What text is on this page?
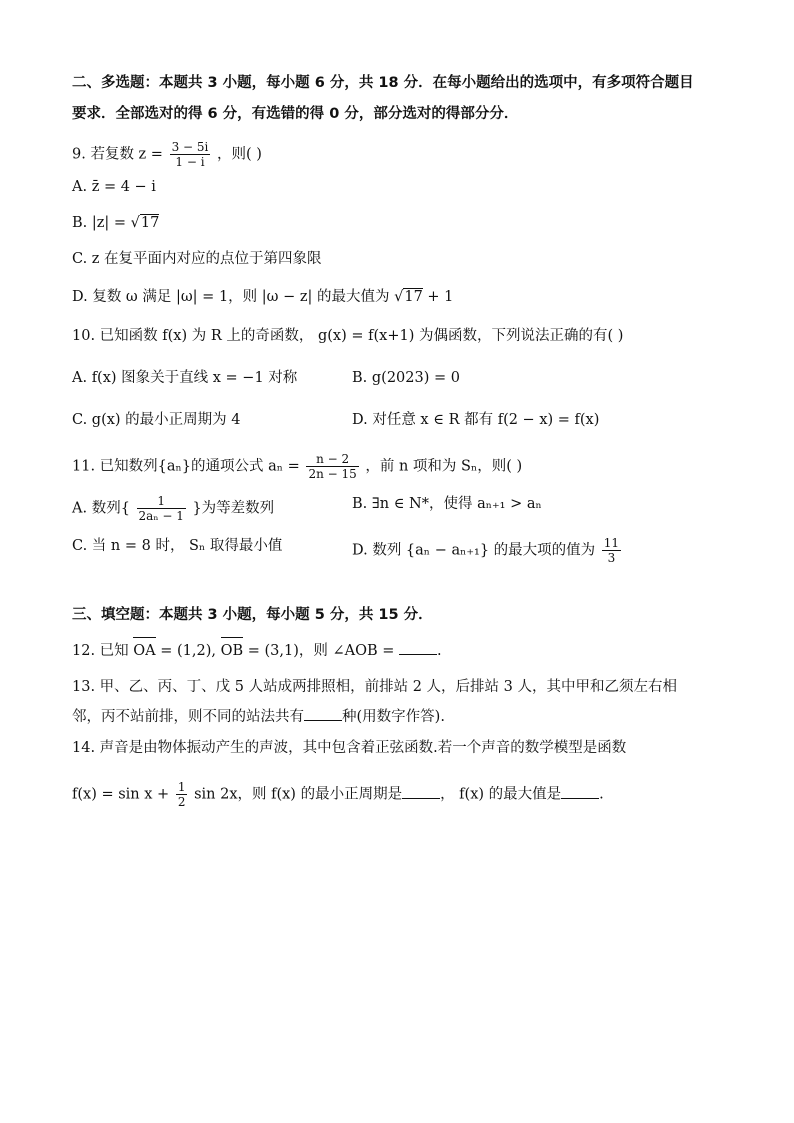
二、多选题：本题共 3 小题，每小题 6 分，共 18 分．在每小题给出的选项中，有多项符合题目
要求．全部选对的得 6 分，有选错的得 0 分，部分选对的得部分分．
9. 若复数 $z = \frac{3 - 5i}{1 - i}$ ，则( )
A. z̄ = 4 − i
B. |z| = √17
C. z 在复平面内对应的点位于第四象限
D. 复数 ω 满足 |ω| = 1，则 |ω − z| 的最大值为 √17 + 1
10. 已知函数 f(x) 为 R 上的奇函数， g(x) = f(x+1) 为偶函数，下列说法正确的有( )
A. f(x) 图象关于直线 x = −1 对称	B. g(2023) = 0
C. g(x) 的最小正周期为 4	D. 对任意 x ∈ R 都有 f(2 − x) = f(x)
11. 已知数列{aₙ}的通项公式 $a_n = \frac{n - 2}{2n - 15}$ ，前 n 项和为 Sₙ，则( )
A. 数列{ $\frac{1}{\text{2aₙ − 1}}$ }为等差数列	B. ∃n ∈ N*，使得 aₙ₊₁ > aₙ
C. 当 n = 8 时， Sₙ 取得最小值	D. 数列 {aₙ − aₙ₊₁} 的最大项的值为 $\frac{11}{3}$
三、填空题：本题共 3 小题，每小题 5 分，共 15 分．
12. 已知 OA = (1,2), OB = (3,1)，则 ∠AOB =	.
13. 甲、乙、丙、丁、戊 5 人站成两排照相，前排站 2 人，后排站 3 人，其中甲和乙须左右相
邻，丙不站前排，则不同的站法共有	种(用数字作答).
14. 声音是由物体振动产生的声波，其中包含着正弦函数.若一个声音的数学模型是函数
$f(x) = \sin x + \frac{1}{2}$ sin 2x，则 f(x) 的最小正周期是	， f(x) 的最大值是	.
